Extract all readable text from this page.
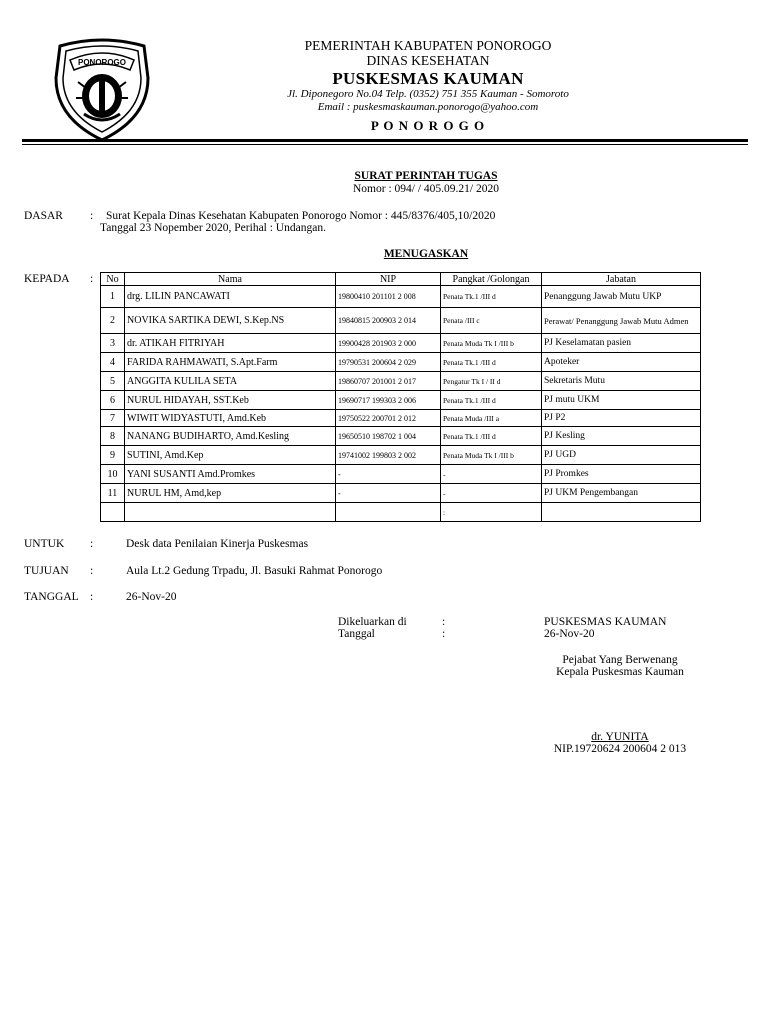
PONOROGO
PEMERINTAH KABUPATEN PONOROGO
DINAS KESEHATAN
PUSKESMAS KAUMAN
Jl. Diponegoro No.04 Telp. (0352) 751 355 Kauman - Somoroto
Email : puskesmaskauman.ponorogo@yahoo.com
P O N O R O G O
SURAT PERINTAH TUGAS
Nomor : 094/ / 405.09.21/ 2020
DASAR : Surat Kepala Dinas Kesehatan Kabupaten Ponorogo Nomor : 445/8376/405,10/2020
Tanggal 23 Nopember 2020, Perihal : Undangan.
MENUGASKAN
KEPADA : No	Nama	NIP	Pangkat /Golongan	Jabatan
1	drg. LILIN PANCAWATI	19800410 201101 2 008	Penata Tk.1 /III d	Penanggung Jawab Mutu UKP
2	NOVIKA SARTIKA DEWI, S.Kep.NS	19840815 200903 2 014	Penata /III c	Perawat/ Penanggung Jawab Mutu Admen
3	dr. ATIKAH FITRIYAH	19900428 201903 2 000	Penata Muda Tk I /III b	PJ Keselamatan pasien
4	FARIDA RAHMAWATI, S.Apt.Farm	19790531 200604 2 029	Penata Tk.1 /III d	Apoteker
5	ANGGITA KULILA SETA	19860707 201001 2 017	Pengatur Tk I / II d	Sekretaris Mutu
6	NURUL HIDAYAH, SST.Keb	19690717 199303 2 006	Penata Tk.1 /III d	PJ mutu UKM
7	WIWIT WIDYASTUTI, Amd.Keb	19750522 200701 2 012	Penata Muda /III a	PJ P2
8	NANANG BUDIHARTO, Amd.Kesling	19650510 198702 1 004	Penata Tk.1 /III d	PJ Kesling
9	SUTINI, Amd.Kep	19741002 199803 2 002	Penata Muda Tk I /III b	PJ UGD
10	YANI SUSANTI Amd.Promkes	-	-	PJ Promkes
11	NURUL HM, Amd,kep	-	-	PJ UKM Pengembangan
			:	
UNTUK :	Desk data Penilaian Kinerja Puskesmas
TUJUAN :	Aula Lt.2 Gedung Trpadu, Jl. Basuki Rahmat Ponorogo
TANGGAL :	26-Nov-20
Dikeluarkan di	:	PUSKESMAS KAUMAN
Tanggal	:	26-Nov-20
Pejabat Yang Berwenang
Kepala Puskesmas Kauman
dr. YUNITA
NIP.19720624 200604 2 013
